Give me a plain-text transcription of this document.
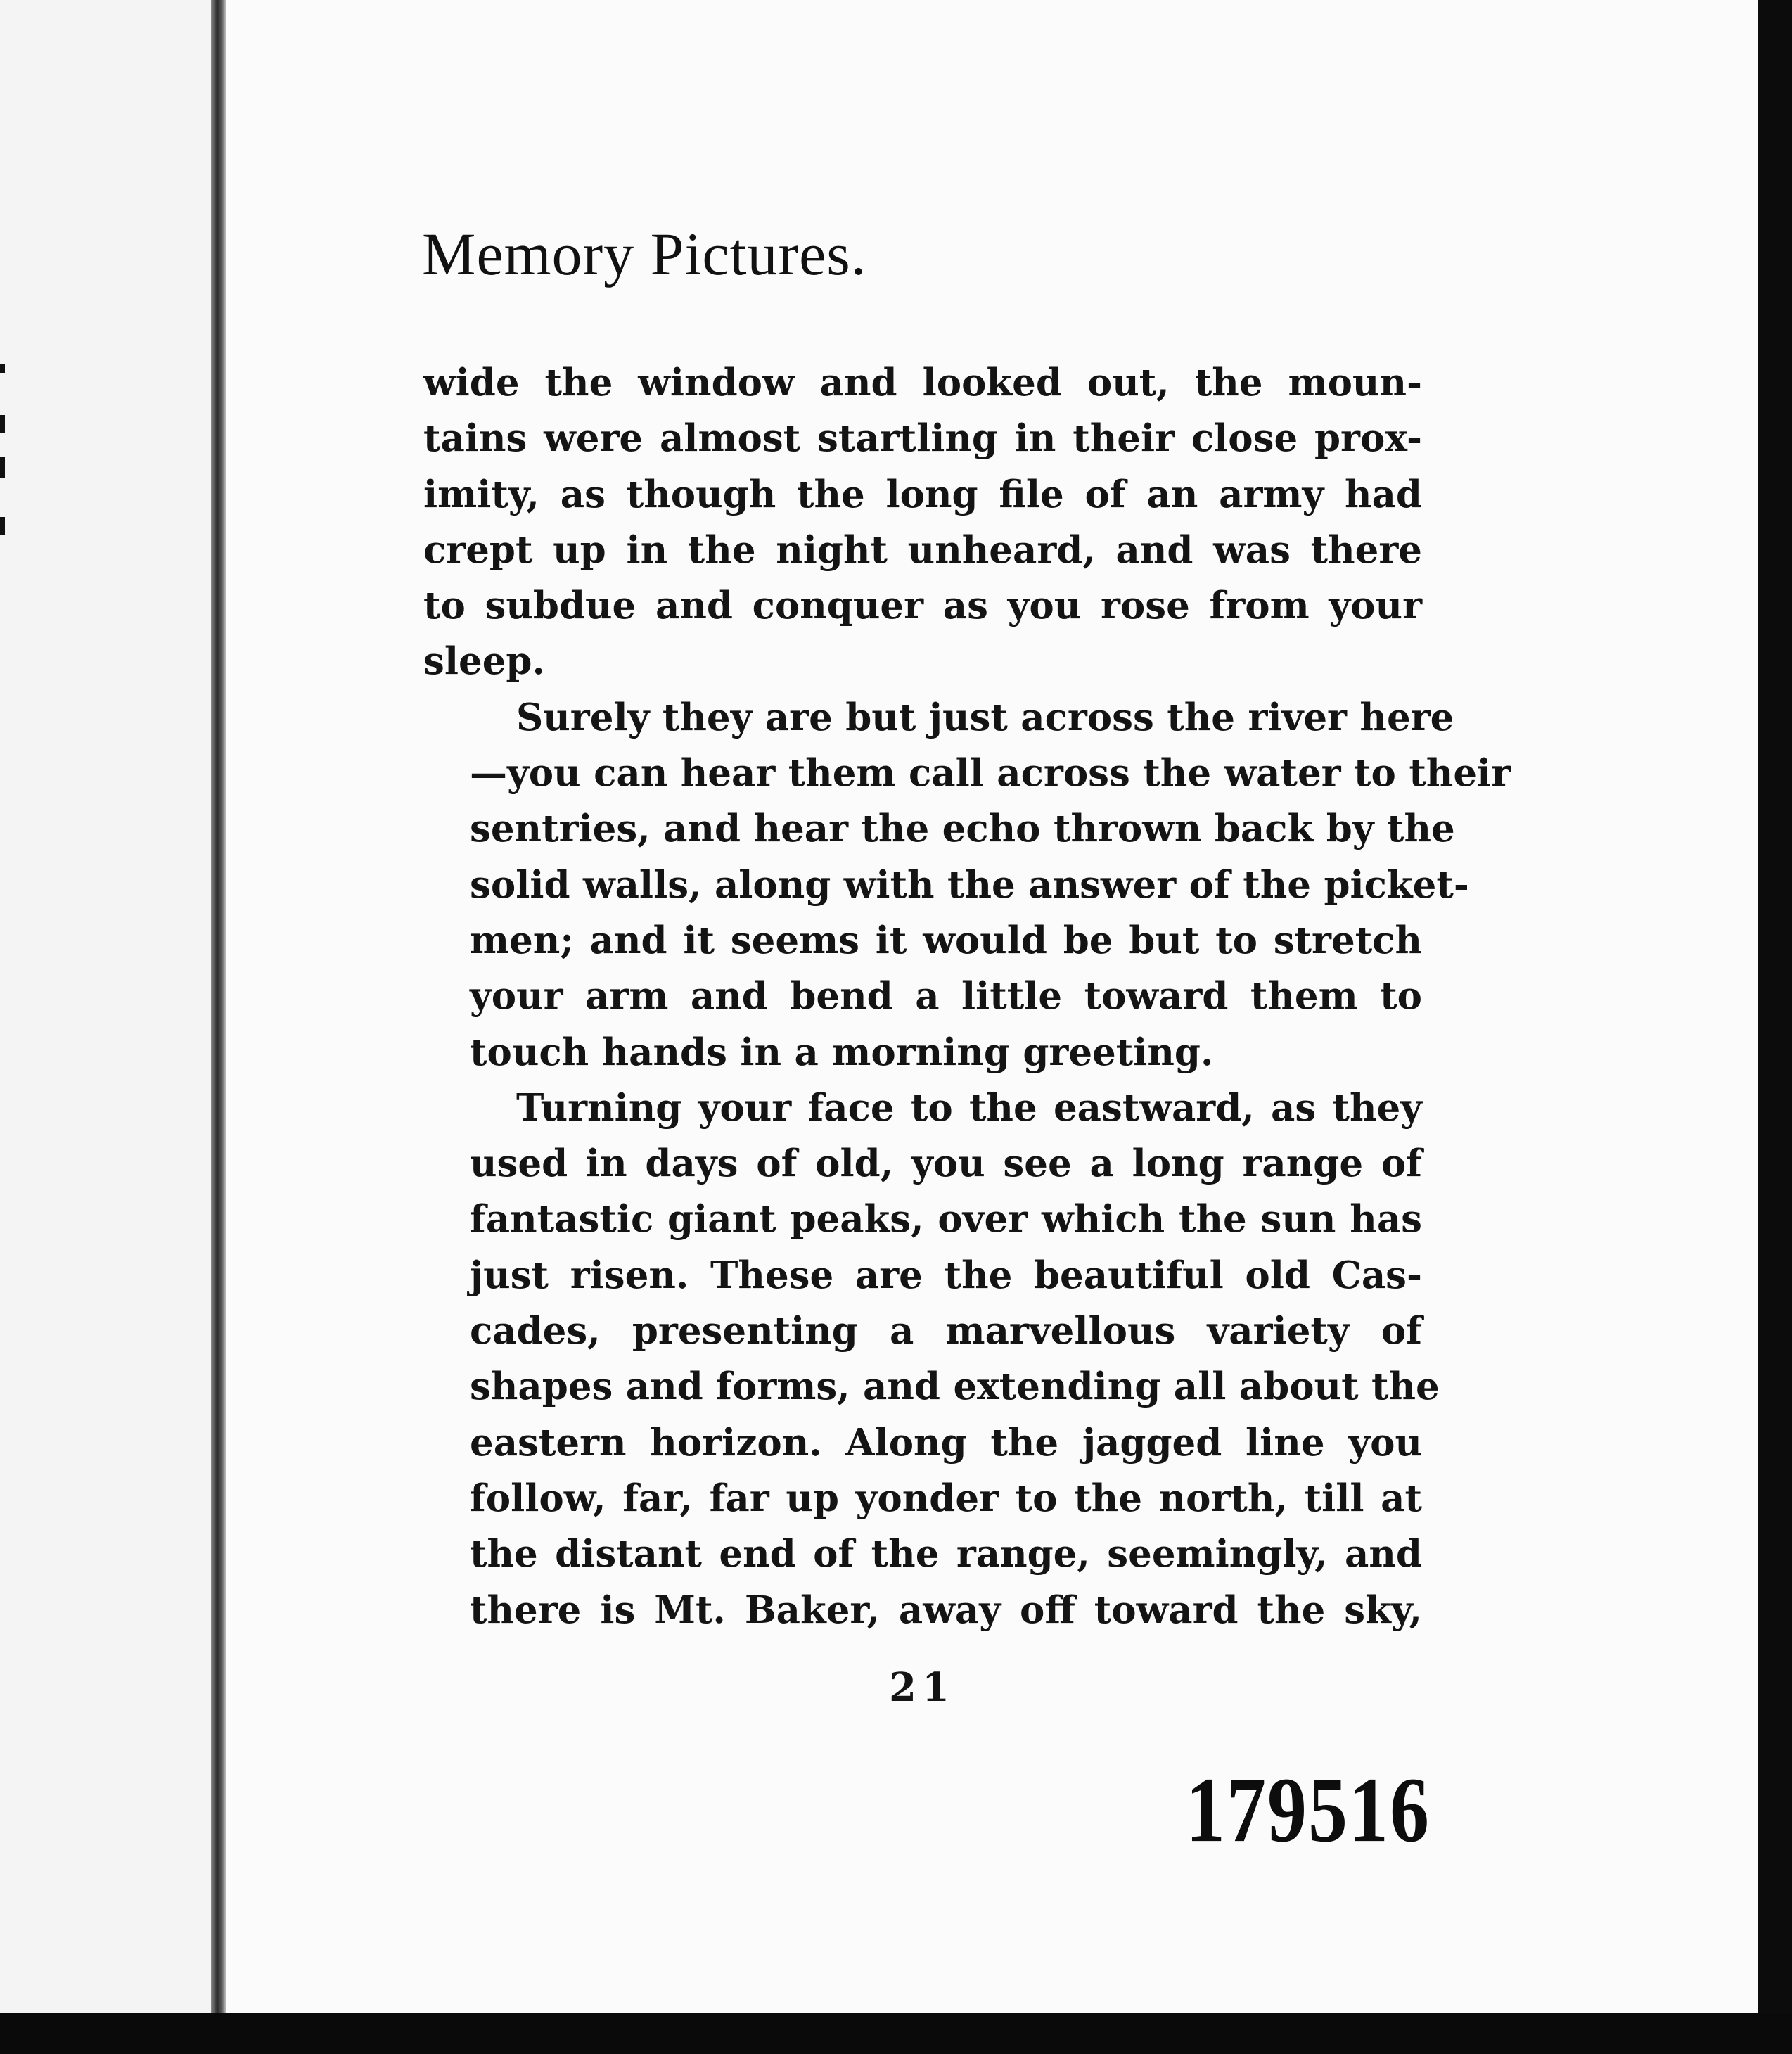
Memory Pictures.

wide the window and looked out, the moun-
tains were almost startling in their close prox-
imity, as though the long file of an army had
crept up in the night unheard, and was there
to subdue and conquer as you rose from your
sleep.

Surely they are but just across the river here
—you can hear them call across the water to their
sentries, and hear the echo thrown back by the
solid walls, along with the answer of the picket-
men; and it seems it would be but to stretch
your arm and bend a little toward them to
touch hands in a morning greeting.

Turning your face to the eastward, as they
used in days of old, you see a long range of
fantastic giant peaks, over which the sun has
just risen. These are the beautiful old Cas-
cades, presenting a marvellous variety of
shapes and forms, and extending all about the
eastern horizon. Along the jagged line you
follow, far, far up yonder to the north, till at
the distant end of the range, seemingly, and
there is Mt. Baker, away off toward the sky,

21

179516
